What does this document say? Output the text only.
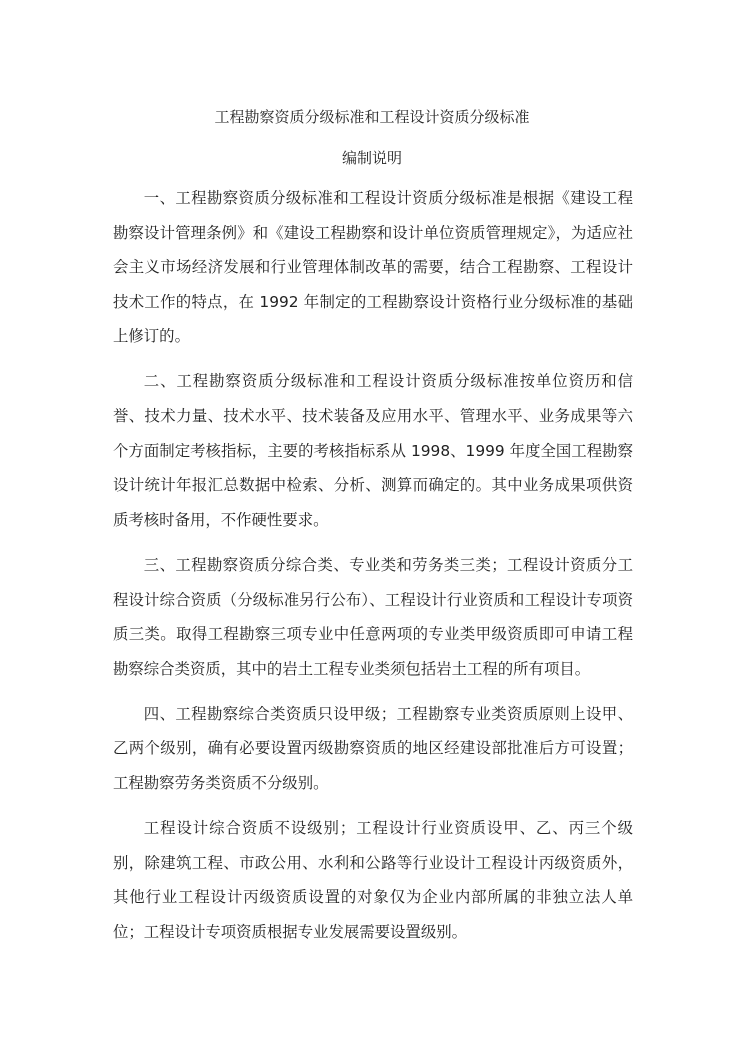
工程勘察资质分级标准和工程设计资质分级标准
编制说明

一、工程勘察资质分级标准和工程设计资质分级标准是根据《建设工程勘察设计管理条例》和《建设工程勘察和设计单位资质管理规定》，为适应社会主义市场经济发展和行业管理体制改革的需要，结合工程勘察、工程设计技术工作的特点，在 1992 年制定的工程勘察设计资格行业分级标准的基础上修订的。

二、工程勘察资质分级标准和工程设计资质分级标准按单位资历和信誉、技术力量、技术水平、技术装备及应用水平、管理水平、业务成果等六个方面制定考核指标，主要的考核指标系从 1998、1999 年度全国工程勘察设计统计年报汇总数据中检索、分析、测算而确定的。其中业务成果项供资质考核时备用，不作硬性要求。

三、工程勘察资质分综合类、专业类和劳务类三类；工程设计资质分工程设计综合资质（分级标准另行公布）、工程设计行业资质和工程设计专项资质三类。取得工程勘察三项专业中任意两项的专业类甲级资质即可申请工程勘察综合类资质，其中的岩土工程专业类须包括岩土工程的所有项目。

四、工程勘察综合类资质只设甲级；工程勘察专业类资质原则上设甲、乙两个级别，确有必要设置丙级勘察资质的地区经建设部批准后方可设置；工程勘察劳务类资质不分级别。

工程设计综合资质不设级别；工程设计行业资质设甲、乙、丙三个级别，除建筑工程、市政公用、水利和公路等行业设计工程设计丙级资质外，其他行业工程设计丙级资质设置的对象仅为企业内部所属的非独立法人单位；工程设计专项资质根据专业发展需要设置级别。
